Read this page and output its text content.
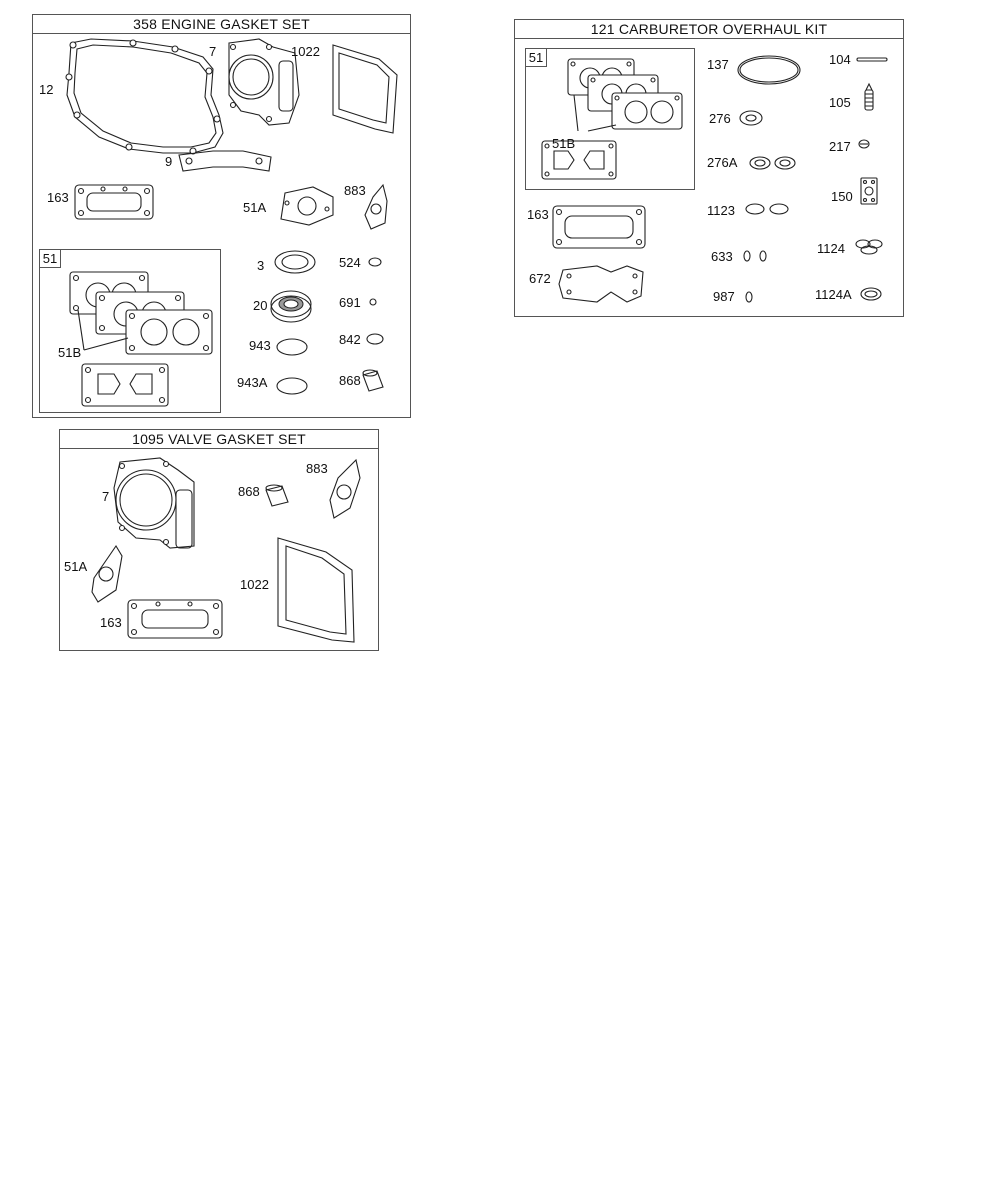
358 ENGINE GASKET SET
12
7	1022
9
163
51A
883
3	524
20	691
943	842
943A	868
51
51B
121 CARBURETOR OVERHAUL KIT
51
51B
137	104
105
276
217
276A
150
163	1123
1124
633
672
987	1124A
1095 VALVE GASKET SET
7	868
883
51A
1022
163
